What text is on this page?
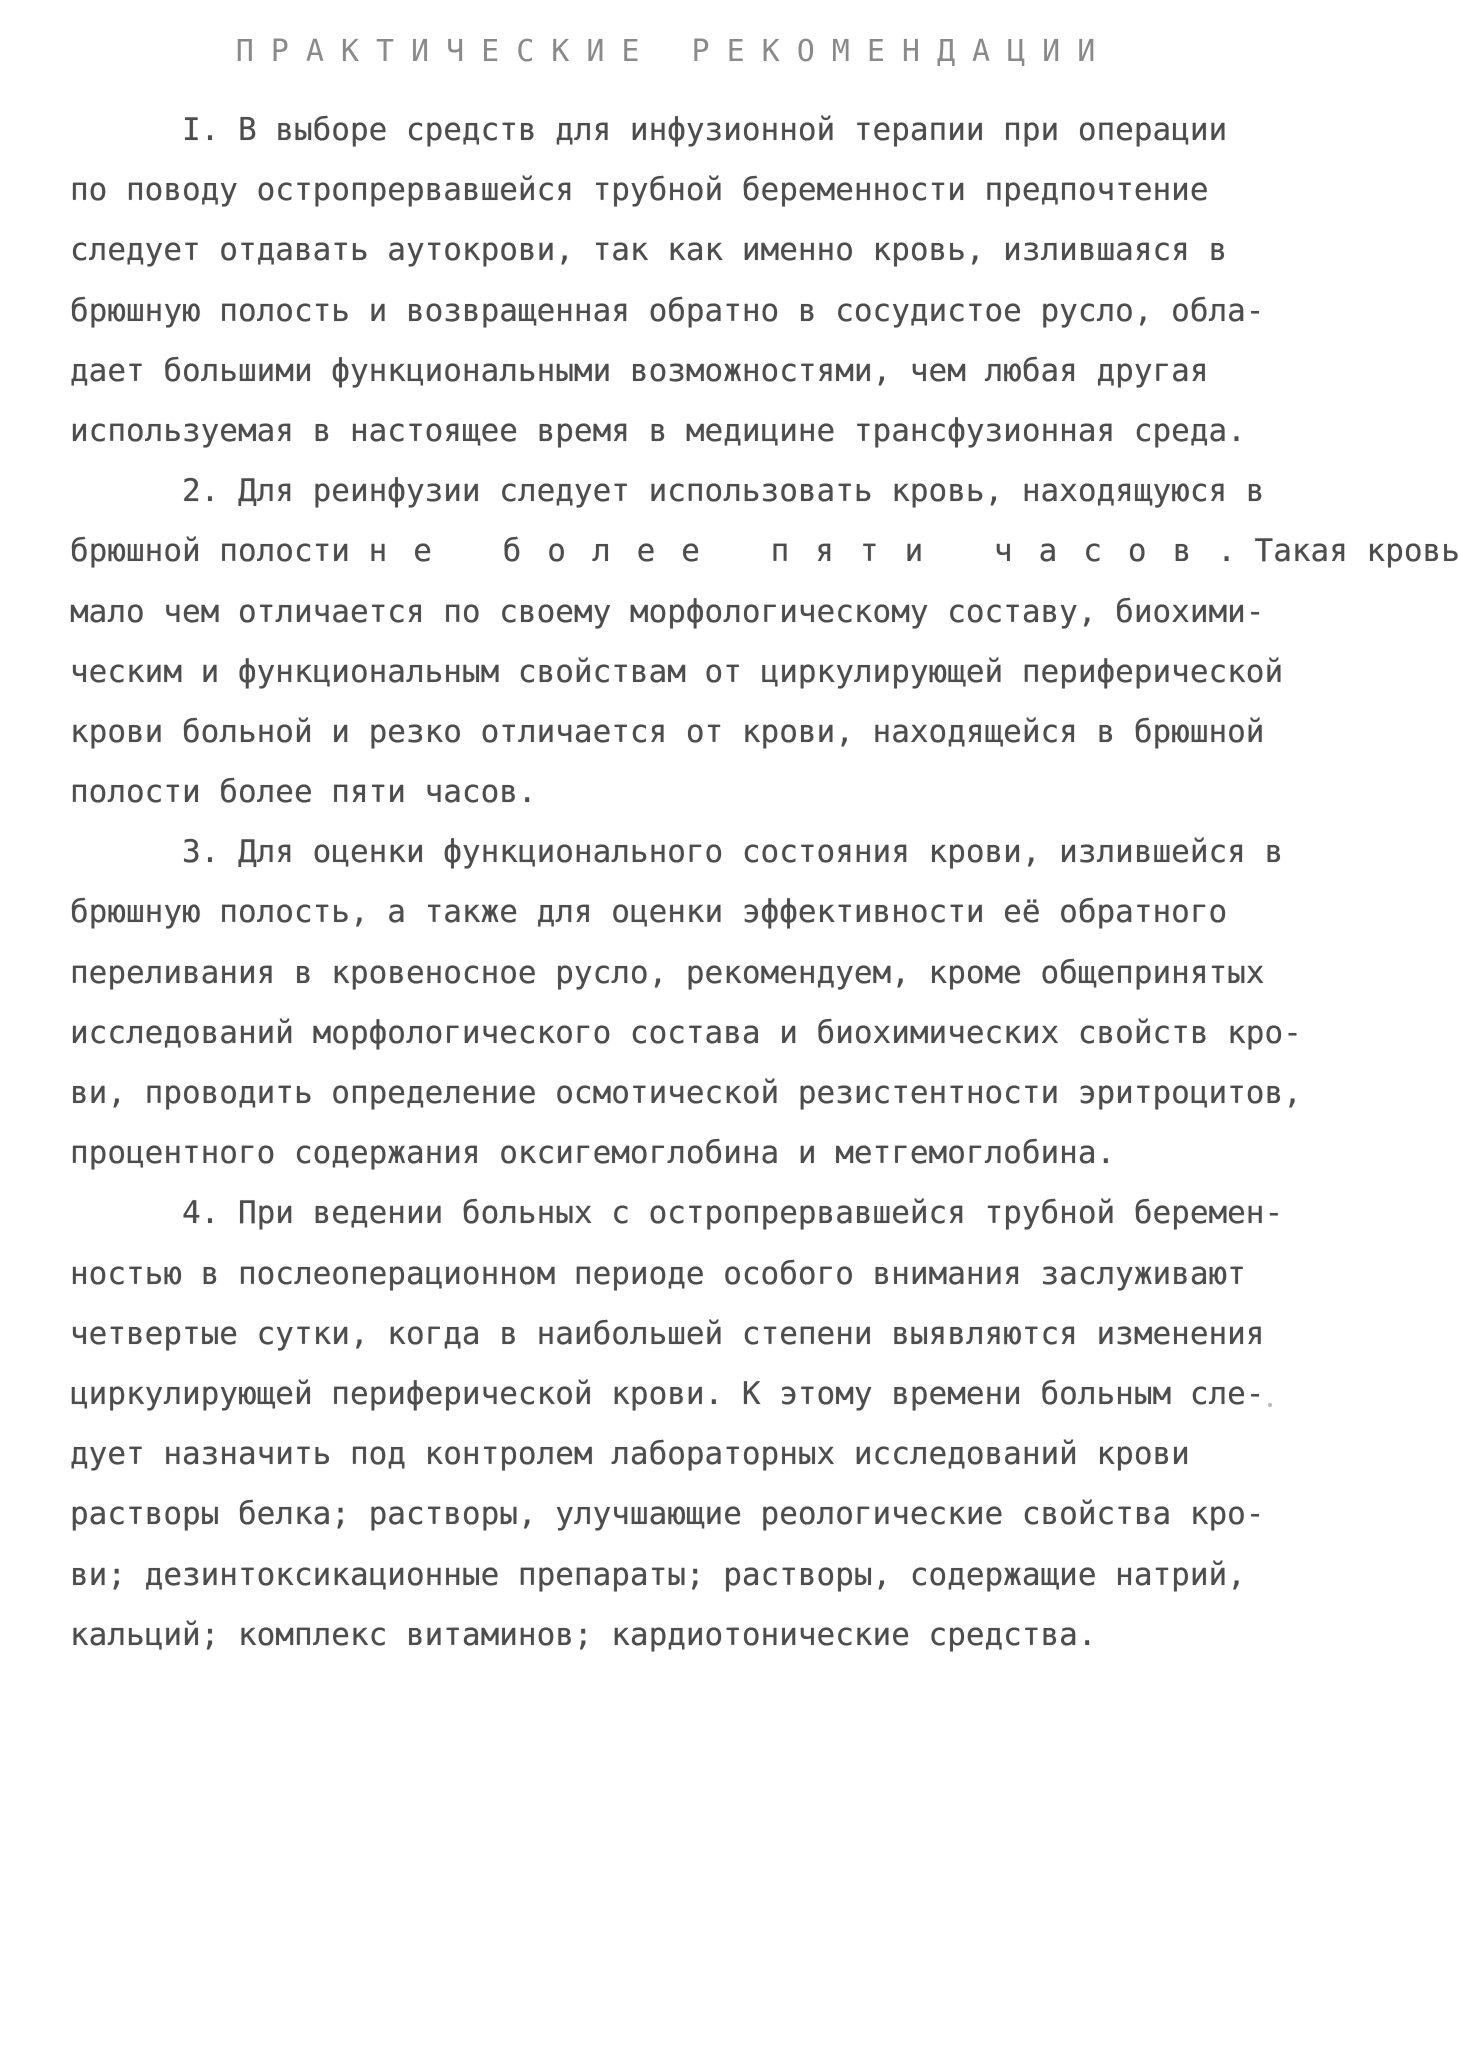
ПРАКТИЧЕСКИЕ РЕКОМЕНДАЦИИ
I. В выборе средств для инфузионной терапии при операции
по поводу остропрервавшейся трубной беременности предпочтение
следует отдавать аутокрови, так как именно кровь, излившаяся в
брюшную полость и возвращенная обратно в сосудистое русло, обла-
дает большими функциональными возможностями, чем любая другая
используемая в настоящее время в медицине трансфузионная среда.
2. Для реинфузии следует использовать кровь, находящуюся в
брюшной полости не более пяти часов. Такая кровь
мало чем отличается по своему морфологическому составу, биохими-
ческим и функциональным свойствам от циркулирующей периферической
крови больной и резко отличается от крови, находящейся в брюшной
полости более пяти часов.
3. Для оценки функционального состояния крови, излившейся в
брюшную полость, а также для оценки эффективности её обратного
переливания в кровеносное русло, рекомендуем, кроме общепринятых
исследований морфологического состава и биохимических свойств кро-
ви, проводить определение осмотической резистентности эритроцитов,
процентного содержания оксигемоглобина и метгемоглобина.
4. При ведении больных с остропрервавшейся трубной беремен-
ностью в послеоперационном периоде особого внимания заслуживают
четвертые сутки, когда в наибольшей степени выявляются изменения
циркулирующей периферической крови. К этому времени больным сле-
дует назначить под контролем лабораторных исследований крови
растворы белка; растворы, улучшающие реологические свойства кро-
ви; дезинтоксикационные препараты; растворы, содержащие натрий,
кальций; комплекс витаминов; кардиотонические средства.
